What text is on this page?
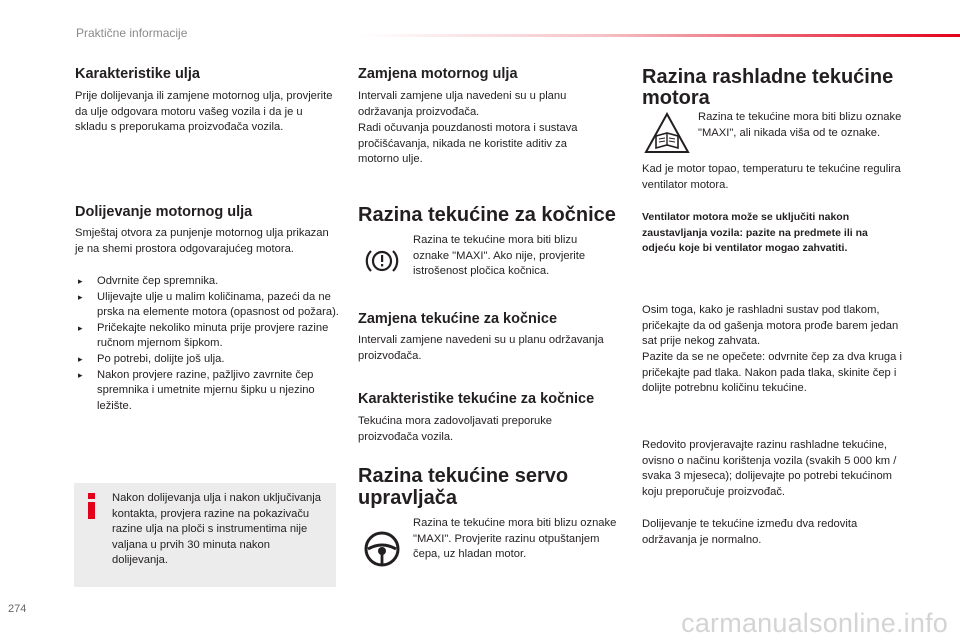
Praktične informacije
Karakteristike ulja

Prije dolijevanja ili zamjene motornog ulja, provjerite da ulje odgovara motoru vašeg vozila i da je u skladu s preporukama proizvođača vozila.

Dolijevanje motornog ulja

Smještaj otvora za punjenje motornog ulja prikazan je na shemi prostora odgovarajućeg motora.

▸ Odvrnite čep spremnika.
▸ Ulijevajte ulje u malim količinama, pazeći da ne prska na elemente motora (opasnost od požara).
▸ Pričekajte nekoliko minuta prije provjere razine ručnom mjernom šipkom.
▸ Po potrebi, dolijte još ulja.
▸ Nakon provjere razine, pažljivo zavrnite čep spremnika i umetnite mjernu šipku u njezino ležište.

Nakon dolijevanja ulja i nakon uključivanja kontakta, provjera razine na pokazivaču razine ulja na ploči s instrumentima nije valjana u prvih 30 minuta nakon dolijevanja.

Zamjena motornog ulja

Intervali zamjene ulja navedeni su u planu održavanja proizvođača.

Radi očuvanja pouzdanosti motora i sustava pročišćavanja, nikada ne koristite aditiv za motorno ulje.

Razina tekućine za kočnice

Razina te tekućine mora biti blizu oznake "MAXI". Ako nije, provjerite istrošenost pločica kočnica.

Zamjena tekućine za kočnice

Intervali zamjene navedeni su u planu održavanja proizvođača.

Karakteristike tekućine za kočnice

Tekućina mora zadovoljavati preporuke proizvođača vozila.

Razina tekućine servo
upravljača

Razina te tekućine mora biti blizu oznake "MAXI". Provjerite razinu otpuštanjem čepa, uz hladan motor.

Razina rashladne tekućine
motora

Razina te tekućine mora biti blizu oznake "MAXI", ali nikada viša od te oznake.

Kad je motor topao, temperaturu te tekućine regulira ventilator motora.

Ventilator motora može se uključiti nakon zaustavljanja vozila: pazite na predmete ili na odjeću koje bi ventilator mogao zahvatiti.

Osim toga, kako je rashladni sustav pod tlakom, pričekajte da od gašenja motora prođe barem jedan sat prije nekog zahvata.

Pazite da se ne opečete: odvrnite čep za dva kruga i pričekajte pad tlaka. Nakon pada tlaka, skinite čep i dolijte potrebnu količinu tekućine.

Redovito provjeravajte razinu rashladne tekućine, ovisno o načinu korištenja vozila (svakih 5 000 km / svaka 3 mjeseca); dolijevajte po potrebi tekućinom koju preporučuje proizvođač.

Dolijevanje te tekućine između dva redovita održavanja je normalno.

274	carmanualsonline.info
